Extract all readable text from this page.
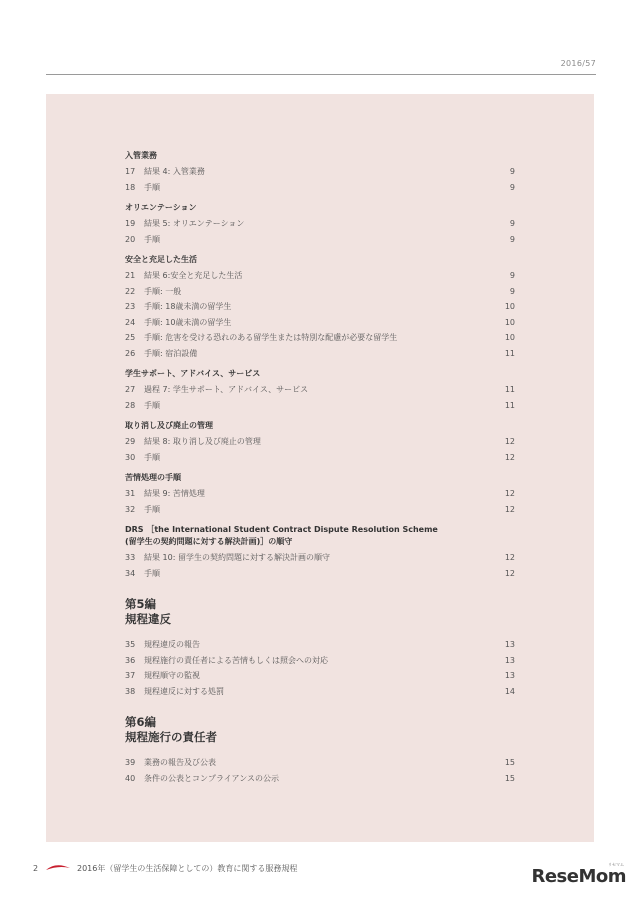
2016/57
入管業務
17	結果 4: 入管業務	9
18	手順	9
オリエンテーション
19	結果 5: オリエンテーション	9
20	手順	9
安全と充足した生活
21	結果 6:安全と充足した生活	9
22	手順: 一般	9
23	手順: 18歳未満の留学生	10
24	手順: 10歳未満の留学生	10
25	手順: 危害を受ける恐れのある留学生または特別な配慮が必要な留学生	10
26	手順: 宿泊設備	11
学生サポート、アドバイス、サービス
27	過程 7: 学生サポート、アドバイス、サービス	11
28	手順	11
取り消し及び廃止の管理
29	結果 8: 取り消し及び廃止の管理	12
30	手順	12
苦情処理の手順
31	結果 9: 苦情処理	12
32	手順	12
DRS ［the International Student Contract Dispute Resolution Scheme
(留学生の契約問題に対する解決計画)］の順守
33	結果 10: 留学生の契約問題に対する解決計画の順守	12
34	手順	12
第5編
規程違反
35	規程違反の報告	13
36	規程施行の責任者による苦情もしくは照会への対応	13
37	規程順守の監視	13
38	規程違反に対する処罰	14
第6編
規程施行の責任者
39	業務の報告及び公表	15
40	条件の公表とコンプライアンスの公示	15
2	2016年（留学生の生活保障としての）教育に関する服務規程	リセマム
ReseMom
